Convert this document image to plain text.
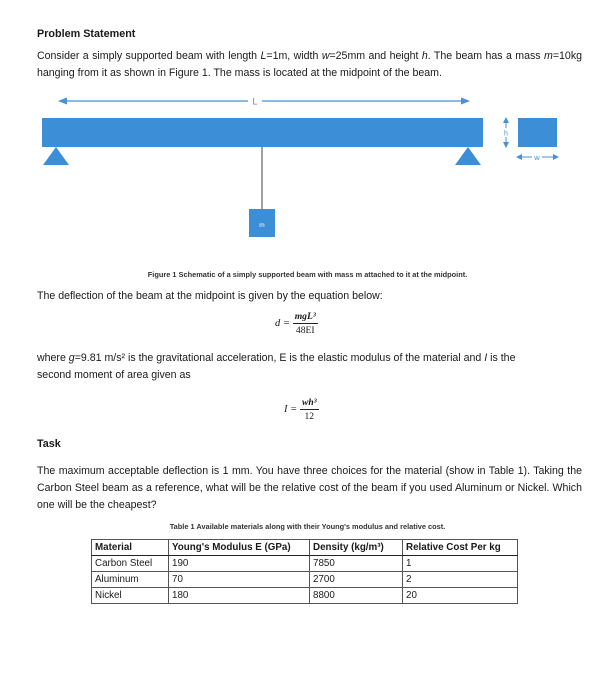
Problem Statement
Consider a simply supported beam with length L=1m, width w=25mm and height h. The beam has a mass m=10kg hanging from it as shown in Figure 1. The mass is located at the midpoint of the beam.
L
m
h
w
Figure 1 Schematic of a simply supported beam with mass m attached to it at the midpoint.
The deflection of the beam at the midpoint is given by the equation below:
$d = \frac{\text{mgL³}}{48EI}$
where g=9.81 m/s² is the gravitational acceleration, E is the elastic modulus of the material and I is the
second moment of area given as
$I = \frac{\text{wh³}}{12}$
Task
The maximum acceptable deflection is 1 mm. You have three choices for the material (show in Table 1). Taking the Carbon Steel beam as a reference, what will be the relative cost of the beam if you used Aluminum or Nickel. Which one will be the cheapest?
Table 1 Available materials along with their Young's modulus and relative cost.
Material	Young's Modulus E (GPa)	Density (kg/m³)	Relative Cost Per kg
Carbon Steel	190	7850	1
Aluminum	70	2700	2
Nickel	180	8800	20
